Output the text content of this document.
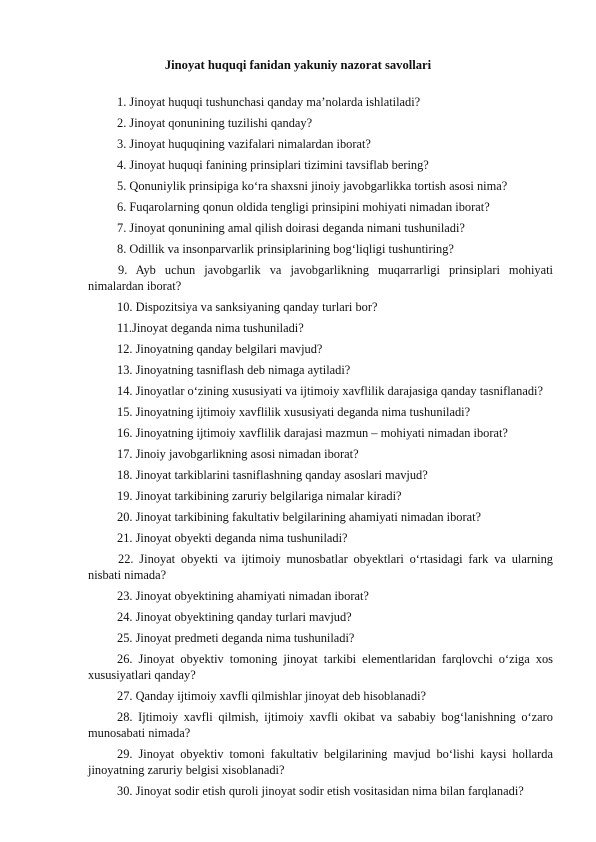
Jinoyat huquqi fanidan yakuniy nazorat savollari
1. Jinoyat huquqi tushunchasi qanday ma’nolarda ishlatiladi?
2. Jinoyat qonunining tuzilishi qanday?
3. Jinoyat huquqining vazifalari nimalardan iborat?
4. Jinoyat huquqi fanining prinsiplari tizimini tavsiflab bering?
5. Qonuniylik prinsipiga ko‘ra shaxsni jinoiy javobgarlikka tortish asosi nima?
6. Fuqarolarning qonun oldida tengligi prinsipini mohiyati nimadan iborat?
7. Jinoyat qonunining amal qilish doirasi deganda nimani tushuniladi?
8. Odillik va insonparvarlik prinsiplarining bog‘liqligi tushuntiring?
9. Ayb uchun javobgarlik va javobgarlikning muqarrarligi prinsiplari mohiyati nimalardan iborat?
10. Dispozitsiya va sanksiyaning qanday turlari bor?
11.Jinoyat deganda nima tushuniladi?
12. Jinoyatning qanday belgilari mavjud?
13. Jinoyatning tasniflash deb nimaga aytiladi?
14. Jinoyatlar o‘zining xususiyati va ijtimoiy xavflilik darajasiga qanday tasniflanadi?
15. Jinoyatning ijtimoiy xavflilik xususiyati deganda nima tushuniladi?
16. Jinoyatning ijtimoiy xavflilik darajasi mazmun – mohiyati nimadan iborat?
17. Jinoiy javobgarlikning asosi nimadan iborat?
18. Jinoyat tarkiblarini tasniflashning qanday asoslari mavjud?
19. Jinoyat tarkibining zaruriy belgilariga nimalar kiradi?
20. Jinoyat tarkibining fakultativ belgilarining ahamiyati nimadan iborat?
21. Jinoyat obyekti deganda nima tushuniladi?
22. Jinoyat obyekti va ijtimoiy munosbatlar obyektlari o‘rtasidagi fark va ularning nisbati nimada?
23. Jinoyat obyektining ahamiyati nimadan iborat?
24. Jinoyat obyektining qanday turlari mavjud?
25. Jinoyat predmeti deganda nima tushuniladi?
26. Jinoyat obyektiv tomoning jinoyat tarkibi elementlaridan farqlovchi o‘ziga xos xususiyatlari qanday?
27. Qanday ijtimoiy xavfli qilmishlar jinoyat deb hisoblanadi?
28. Ijtimoiy xavfli qilmish, ijtimoiy xavfli okibat va sababiy bog‘lanishning o‘zaro munosabati nimada?
29. Jinoyat obyektiv tomoni fakultativ belgilarining mavjud bo‘lishi kaysi hollarda jinoyatning zaruriy belgisi xisoblanadi?
30. Jinoyat sodir etish quroli jinoyat sodir etish vositasidan nima bilan farqlanadi?
